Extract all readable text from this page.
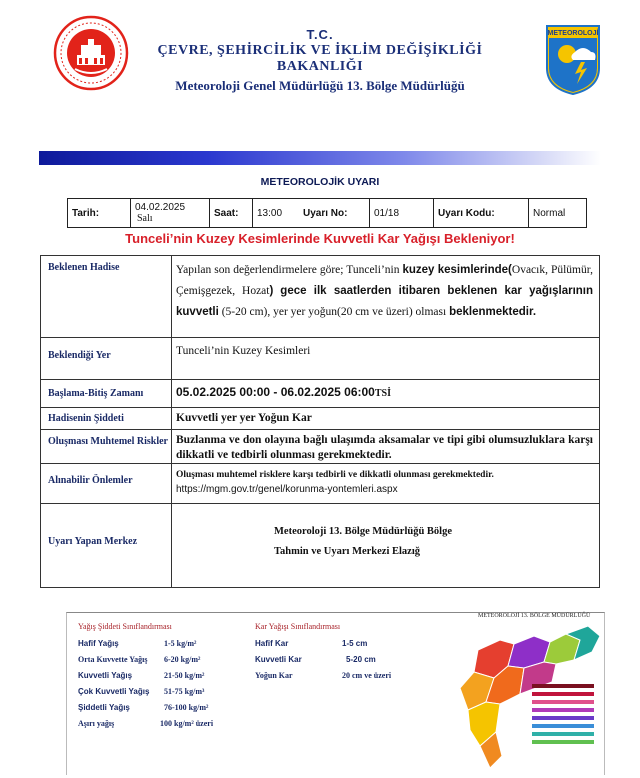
METEOROLOJİ
T.C.
ÇEVRE, ŞEHİRCİLİK VE İKLİM DEĞİŞİKLİĞİ
BAKANLIĞI
Meteoroloji Genel Müdürlüğü 13. Bölge Müdürlüğü
METEOROLOJİK UYARI
Tarih:	04.02.2025
Salı	Saat:	13:00	Uyarı No:	01/18	Uyarı Kodu:	Normal
Tunceli’nin Kuzey Kesimlerinde Kuvvetli Kar Yağışı Bekleniyor!
Beklenen Hadise	Yapılan son değerlendirmelere göre; Tunceli’nin kuzey kesimlerinde(Ovacık, Pülümür, Çemişgezek, Hozat) gece ilk saatlerden itibaren beklenen kar yağışlarının kuvvetli (5-20 cm), yer yer yoğun(20 cm ve üzeri) olması beklenmektedir.
Beklendiği Yer	Tunceli’nin Kuzey Kesimleri
Başlama-Bitiş Zamanı	05.02.2025 00:00 - 06.02.2025 06:00TSİ
Hadisenin Şiddeti	Kuvvetli yer yer Yoğun Kar
Oluşması Muhtemel Riskler	Buzlanma ve don olayına bağlı ulaşımda aksamalar ve tipi gibi olumsuzluklara karşı dikkatli ve tedbirli olunması gerekmektedir.
Alınabilir Önlemler	Oluşması muhtemel risklere karşı tedbirli ve dikkatli olunması gerekmektedir.
https://mgm.gov.tr/genel/korunma-yontemleri.aspx

Uyarı Yapan Merkez	Meteoroloji 13. Bölge Müdürlüğü Bölge
Tahmin ve Uyarı Merkezi Elazığ
Yağış Şiddeti Sınıflandırması
Hafif Yağış	1-5 kg/m²
Orta Kuvvette Yağış 6-20 kg/m²
Kuvvetli Yağış	21-50 kg/m²
Çok Kuvvetli Yağış 51-75 kg/m³
Şiddetli Yağış	76-100 kg/m²
Aşırı yağış	100 kg/m² üzeri
Kar Yağışı Sınıflandırması
Hafif Kar	1-5 cm
Kuvvetli Kar	5-20 cm
Yoğun Kar	20 cm ve üzeri
METEOROLOJİ 13. BÖLGE MÜDÜRLÜĞÜ
